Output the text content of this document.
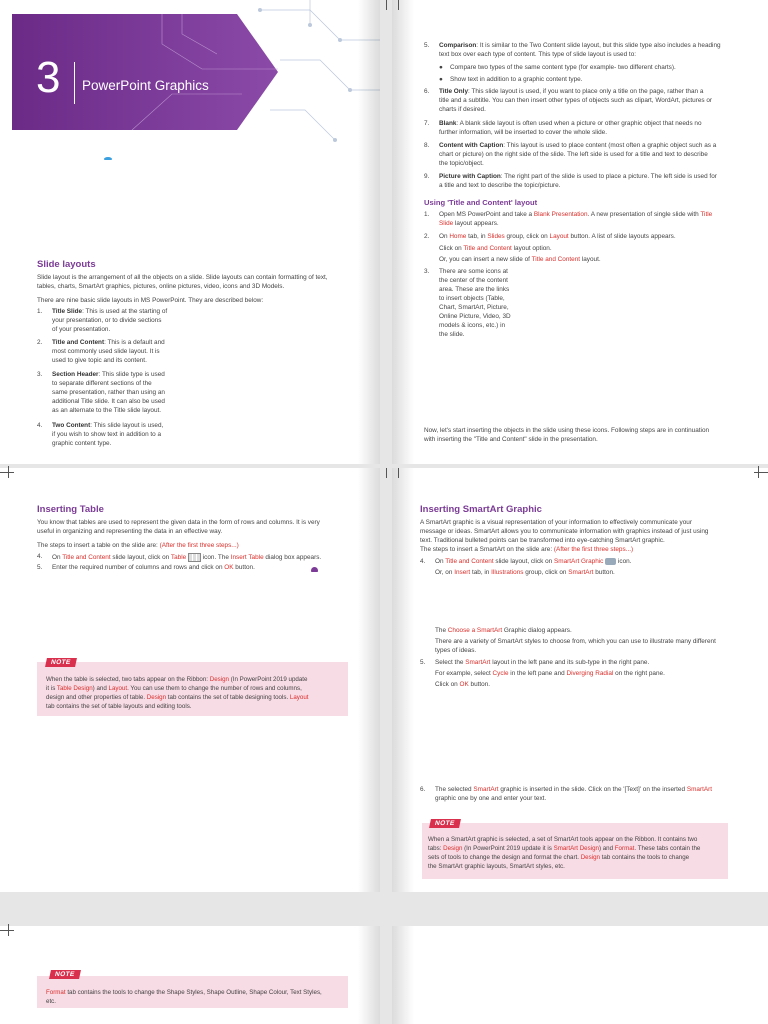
3 PowerPoint Graphics
Slide layouts
Slide layout is the arrangement of all the objects on a slide. Slide layouts can contain formatting of text,
tables, charts, SmartArt graphics, pictures, online pictures, video, icons and 3D Models.
There are nine basic slide layouts in MS PowerPoint. They are described below:
1. Title Slide: This is used at the starting of
your presentation, or to divide sections
of your presentation.
2. Title and Content: This is a default and
most commonly used slide layout. It is
used to give topic and its content.
3. Section Header: This slide type is used
to separate different sections of the
same presentation, rather than using an
additional Title slide. It can also be used
as an alternate to the Title slide layout.
4. Two Content: This slide layout is used,
if you wish to show text in addition to a
graphic content type.
5. Comparison: It is similar to the Two Content slide layout, but this slide type also includes a heading
text box over each type of content. This type of slide layout is used to:
●    Compare two types of the same content type (for example- two different charts).
●    Show text in addition to a graphic content type.
6. Title Only: This slide layout is used, if you want to place only a title on the page, rather than a
title and a subtitle. You can then insert other types of objects such as clipart, WordArt, pictures or
charts if desired.
7. Blank: A blank slide layout is often used when a picture or other graphic object that needs no
further information, will be inserted to cover the whole slide.
8. Content with Caption: This layout is used to place content (most often a graphic object such as a
chart or picture) on the right side of the slide. The left side is used for a title and text to describe
the topic/object.
9. Picture with Caption: The right part of the slide is used to place a picture. The left side is used for
a title and text to describe the topic/picture.
Using 'Title and Content' layout
1. Open MS PowerPoint and take a Blank Presentation. A new presentation of single slide with Title
Slide layout appears.
2. On Home tab, in Slides group, click on Layout button. A list of slide layouts appears.
Click on Title and Content layout option.
Or, you can insert a new slide of Title and Content layout.
3. There are some icons at
the center of the content
area. These are the links
to insert objects (Table,
Chart, SmartArt, Picture,
Online Picture, Video, 3D
models & icons, etc.) in
the slide.
Now, let's start inserting the objects in the slide using these icons. Following steps are in continuation
with inserting the "Title and Content" slide in the presentation.
Inserting Table
You know that tables are used to represent the given data in the form of rows and columns. It is very
useful in organizing and representing the data in an effective way.
The steps to insert a table on the slide are: (After the first three steps...)
4. On Title and Content slide layout, click on Table  icon. The Insert Table dialog box appears.
5. Enter the required number of columns and rows and click on OK button.
NOTE
When the table is selected, two tabs appear on the Ribbon: Design (In PowerPoint 2019 update
it is Table Design) and Layout. You can use them to change the number of rows and columns,
design and other properties of table. Design tab contains the set of table designing tools. Layout
tab contains the set of table layouts and editing tools.
Inserting SmartArt Graphic
A SmartArt graphic is a visual representation of your information to effectively communicate your
message or ideas. SmartArt allows you to communicate information with graphics instead of just using
text. Traditional bulleted points can be transformed into eye-catching SmartArt graphic.
The steps to insert a SmartArt on the slide are: (After the first three steps...)
4. On Title and Content slide layout, click on SmartArt Graphic  icon.
Or, on Insert tab, in Illustrations group, click on SmartArt button.
The Choose a SmartArt Graphic dialog appears.
There are a variety of SmartArt styles to choose from, which you can use to illustrate many different
types of ideas.
5. Select the SmartArt layout in the left pane and its sub-type in the right pane.
For example, select Cycle in the left pane and Diverging Radial on the right pane.
Click on OK button.
6. The selected SmartArt graphic is inserted in the slide. Click on the '[Text]' on the inserted SmartArt
graphic one by one and enter your text.
NOTE
When a SmartArt graphic is selected, a set of SmartArt tools appear on the Ribbon. It contains two
tabs: Design (In PowerPoint 2019 update it is SmartArt Design) and Format. These tabs contain the
sets of tools to change the design and format the chart. Design tab contains the tools to change
the SmartArt graphic layouts, SmartArt styles, etc.
NOTE
Format tab contains the tools to change the Shape Styles, Shape Outline, Shape Colour, Text Styles,
etc.
